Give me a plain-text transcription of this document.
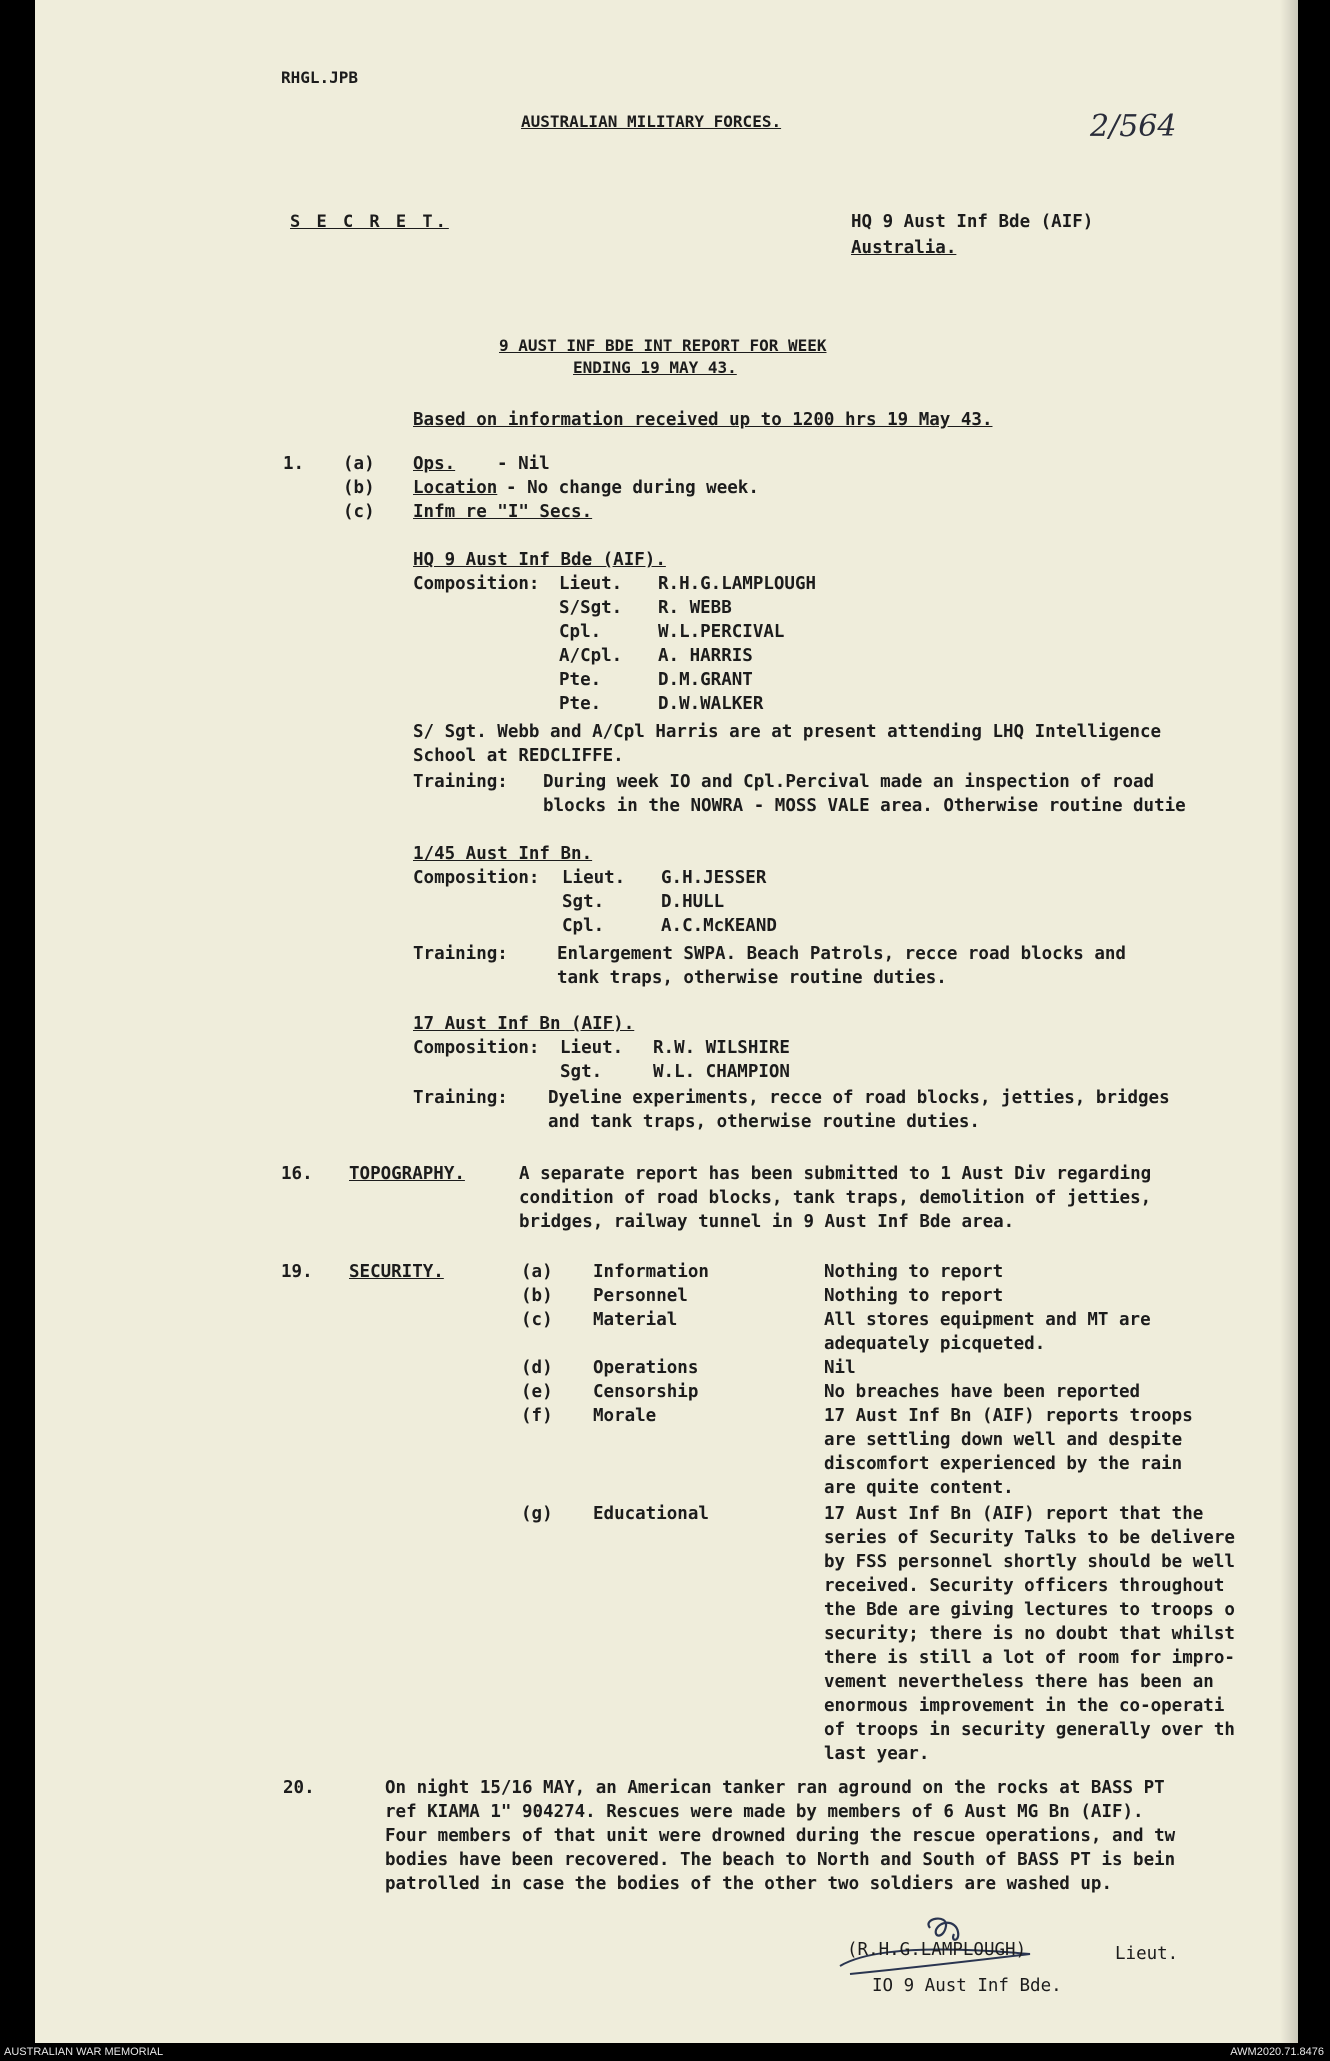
RHGL.JPB
AUSTRALIAN MILITARY FORCES.	2/564
S E C R E T.	HQ 9 Aust Inf Bde (AIF)
Australia.
9 AUST INF BDE INT REPORT FOR WEEK
ENDING 19 MAY 43.
Based on information received up to 1200 hrs 19 May 43.
1. (a) Ops. - Nil
(b) Location - No change during week.
(c) Infm re "I" Secs.
HQ 9 Aust Inf Bde (AIF).
Composition: Lieut. R.H.G.LAMPLOUGH
S/Sgt. R. WEBB
Cpl.	W.L.PERCIVAL
A/Cpl. A. HARRIS
Pte.	D.M.GRANT
Pte.	D.W.WALKER
S/ Sgt. Webb and A/Cpl Harris are at present attending LHQ Intelligence
School at REDCLIFFE.
Training: During week IO and Cpl.Percival made an inspection of road
blocks in the NOWRA - MOSS VALE area. Otherwise routine dutie
1/45 Aust Inf Bn.
Composition: Lieut. G.H.JESSER
Sgt.	D.HULL
Cpl.	A.C.McKEAND
Training:	Enlargement SWPA. Beach Patrols, recce road blocks and
tank traps, otherwise routine duties.
17 Aust Inf Bn (AIF).
Composition: Lieut. R.W. WILSHIRE
Sgt.	W.L. CHAMPION
Training: Dyeline experiments, recce of road blocks, jetties, bridges
and tank traps, otherwise routine duties.
16. TOPOGRAPHY.	A separate report has been submitted to 1 Aust Div regarding
condition of road blocks, tank traps, demolition of jetties,
bridges, railway tunnel in 9 Aust Inf Bde area.
19. SECURITY.	(a) Information	Nothing to report
(b) Personnel	Nothing to report
(c) Material	All stores equipment and MT are
adequately picqueted.
(d) Operations	Nil
(e) Censorship	No breaches have been reported
(f) Morale	17 Aust Inf Bn (AIF) reports troops
are settling down well and despite
discomfort experienced by the rain
are quite content.
(g) Educational	17 Aust Inf Bn (AIF) report that the
series of Security Talks to be delivere
by FSS personnel shortly should be well
received. Security officers throughout
the Bde are giving lectures to troops o
security; there is no doubt that whilst
there is still a lot of room for impro-
vement nevertheless there has been an
enormous improvement in the co-operati
of troops in security generally over th
last year.
20.	On night 15/16 MAY, an American tanker ran aground on the rocks at BASS PT
ref KIAMA 1" 904274. Rescues were made by members of 6 Aust MG Bn (AIF).
Four members of that unit were drowned during the rescue operations, and tw
bodies have been recovered. The beach to North and South of BASS PT is bein
patrolled in case the bodies of the other two soldiers are washed up.
(R.H.G.LAMPLOUGH)	Lieut.
IO 9 Aust Inf Bde.
AUSTRALIAN WAR MEMORIAL	AWM2020.71.8476
